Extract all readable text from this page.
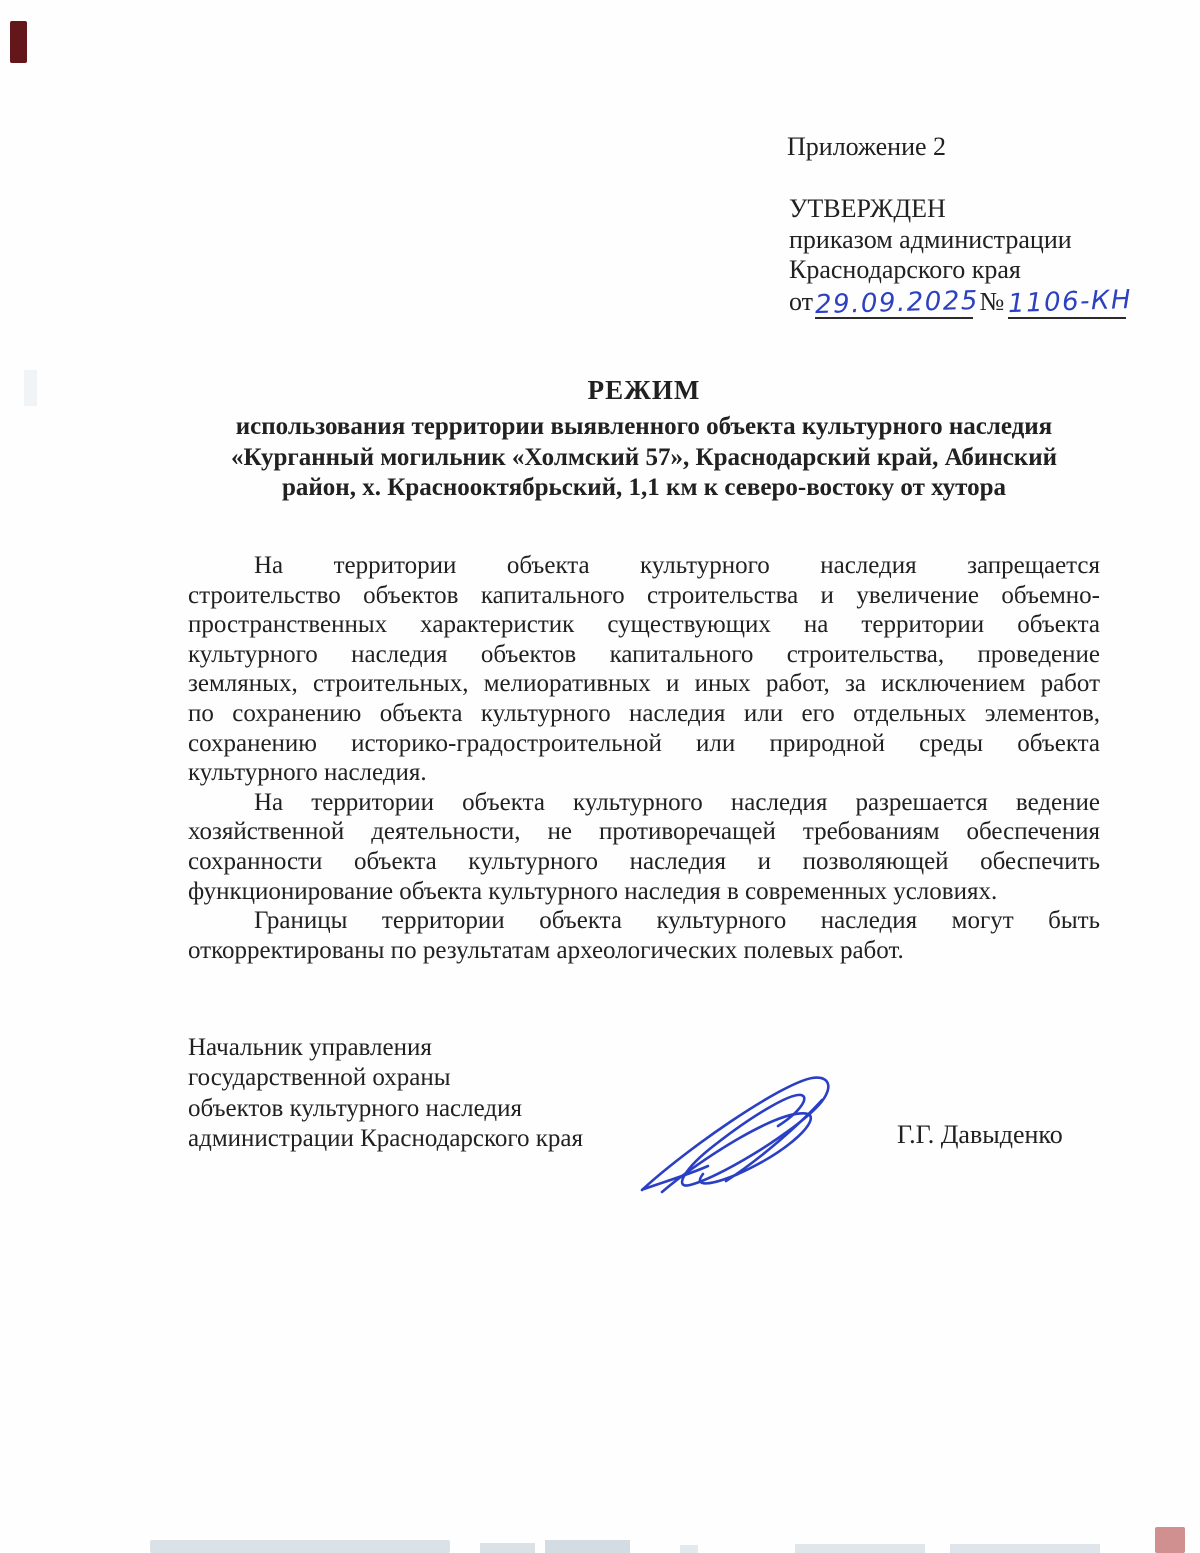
Приложение 2
УТВЕРЖДЕН
приказом администрации
Краснодарского края
от29.09.2025 № 1106-КН
РЕЖИМ
использования территории выявленного объекта культурного наследия
«Курганный могильник «Холмский 57», Краснодарский край, Абинский
район, х. Краснооктябрьский, 1,1 км к северо-востоку от хутора
На территории объекта культурного наследия запрещается
строительство объектов капитального строительства и увеличение объемно-
пространственных характеристик существующих на территории объекта
культурного наследия объектов капитального строительства, проведение
земляных, строительных, мелиоративных и иных работ, за исключением работ
по сохранению объекта культурного наследия или его отдельных элементов,
сохранению историко-градостроительной или природной среды объекта
культурного наследия.
На территории объекта культурного наследия разрешается ведение
хозяйственной деятельности, не противоречащей требованиям обеспечения
сохранности объекта культурного наследия и позволяющей обеспечить
функционирование объекта культурного наследия в современных условиях.
Границы территории объекта культурного наследия могут быть
откорректированы по результатам археологических полевых работ.
Начальник управления
государственной охраны
объектов культурного наследия
администрации Краснодарского края	Г.Г. Давыденко
